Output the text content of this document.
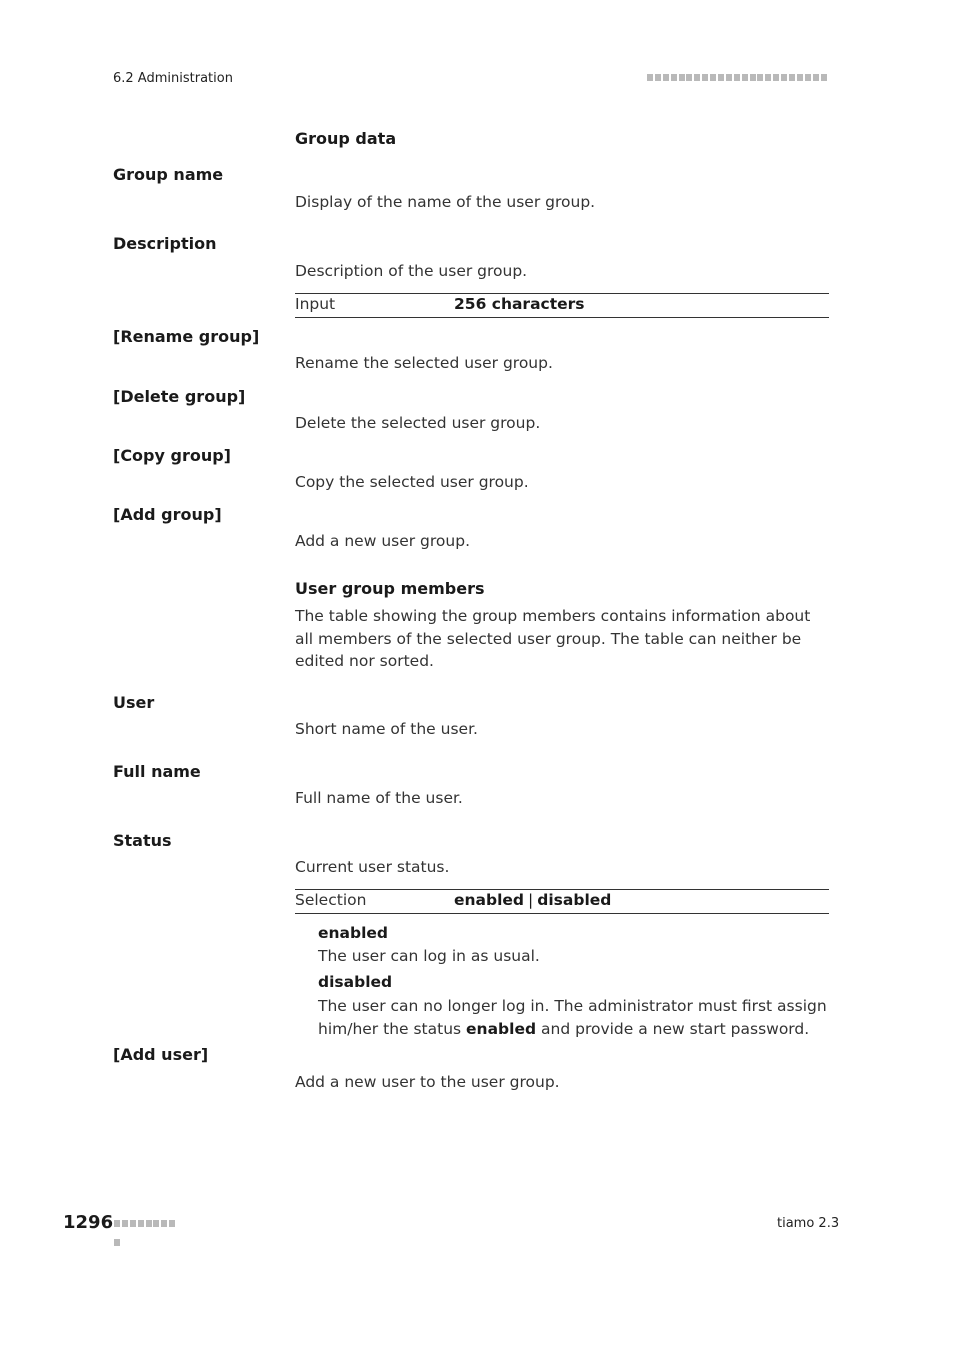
6.2 Administration
Group data
Group name
Display of the name of the user group.
Description
Description of the user group.
Input	256 characters
[Rename group]
Rename the selected user group.
[Delete group]
Delete the selected user group.
[Copy group]
Copy the selected user group.
[Add group]
Add a new user group.
User group members
The table showing the group members contains information about all members of the selected user group. The table can neither be edited nor sorted.
User
Short name of the user.
Full name
Full name of the user.
Status
Current user status.
Selection	enabled | disabled
enabled
The user can log in as usual.
disabled
The user can no longer log in. The administrator must first assign him/her the status enabled and provide a new start password.
[Add user]
Add a new user to the user group.
1296	tiamo 2.3
